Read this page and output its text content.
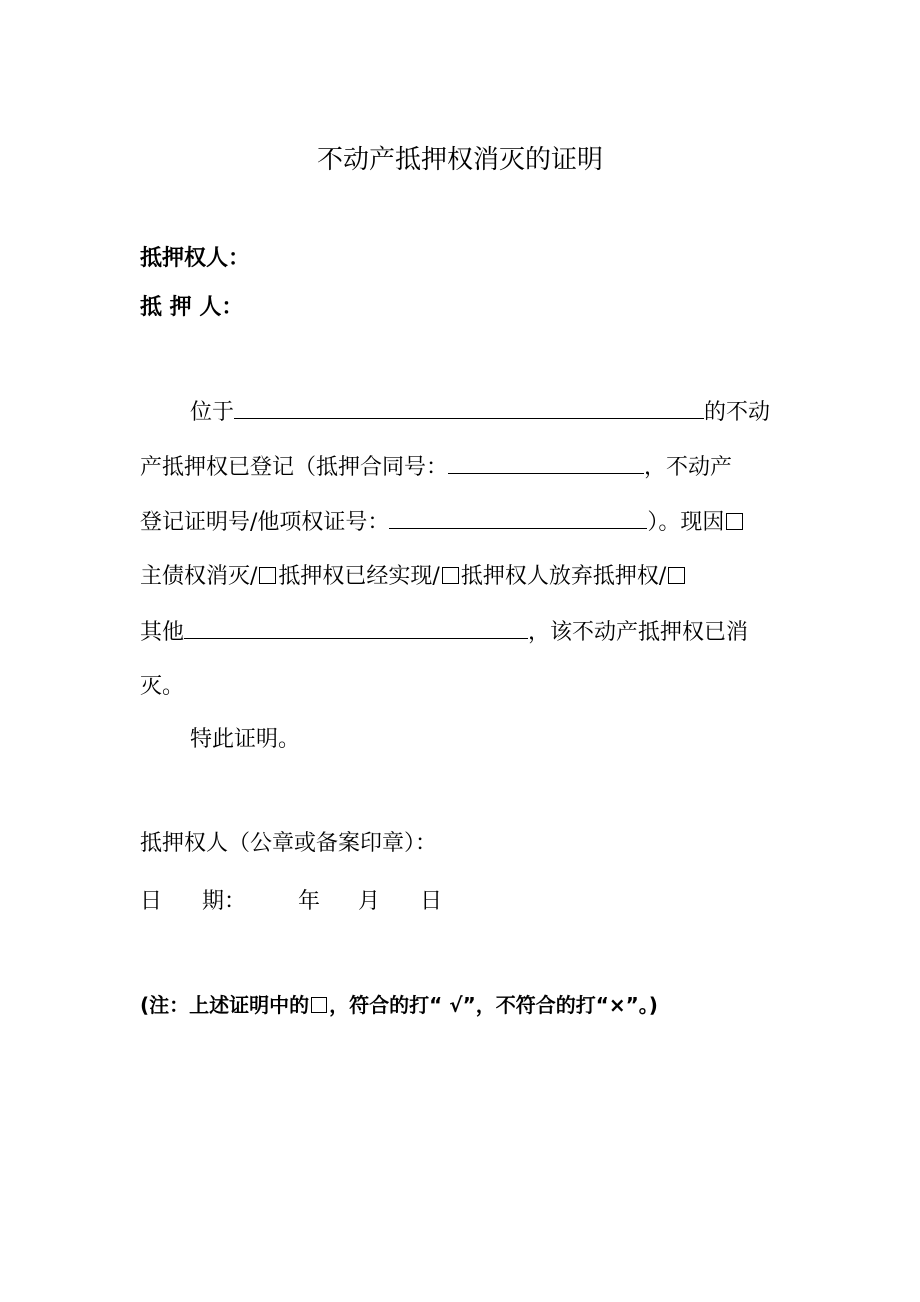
不动产抵押权消灭的证明
抵押权人：
抵 押 人：
位于	的不动
产抵押权已登记（抵押合同号：	，不动产
登记证明号/他项权证号：	）。现因
主债权消灭/ 抵押权已经实现/ 抵押权人放弃抵押权/
其他	，该不动产抵押权已消
灭。
特此证明。
抵押权人（公章或备案印章）：
日 期： 年 月 日
(注：上述证明中的 ，符合的打“ √”，不符合的打“×”。)
